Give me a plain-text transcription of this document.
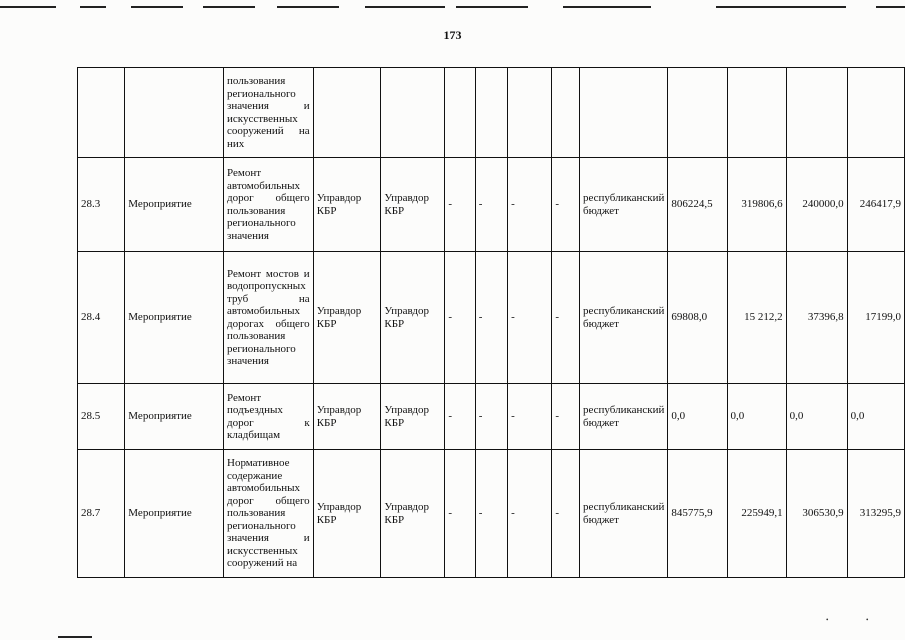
173
		пользования регионального значения и искусственных сооружений на них											
28.3	Мероприятие	Ремонт автомобильных дорог общего пользования регионального значения	Управдор КБР	Управдор КБР	-	-	-	-	республиканский бюджет	806224,5	319806,6	240000,0	246417,9
28.4	Мероприятие	Ремонт мостов и водопропускных труб на автомобильных дорогах общего пользования регионального значения	Управдор КБР	Управдор КБР	-	-	-	-	республиканский бюджет	69808,0	15 212,2	37396,8	17199,0
28.5	Мероприятие	Ремонт подъездных дорог к кладбищам	Управдор КБР	Управдор КБР	-	-	-	-	республиканский бюджет	0,0	0,0	0,0	0,0
28.7	Мероприятие	Нормативное содержание автомобильных дорог общего пользования регионального значения и искусственных сооружений на	Управдор КБР	Управдор КБР	-	-	-	-	республиканский бюджет	845775,9	225949,1	306530,9	313295,9
•	•
